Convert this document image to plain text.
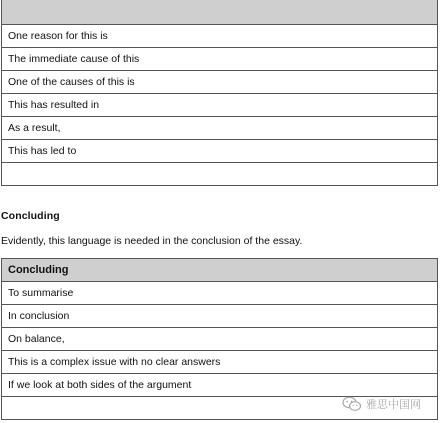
One reason for this is
The immediate cause of this
One of the causes of this is
This has resulted in
As a result,
This has led to

Concluding
Evidently, this language is needed in the conclusion of the essay.
Concluding
To summarise
In conclusion
On balance,
This is a complex issue with no clear answers
If we look at both sides of the argument

雅思中国网
